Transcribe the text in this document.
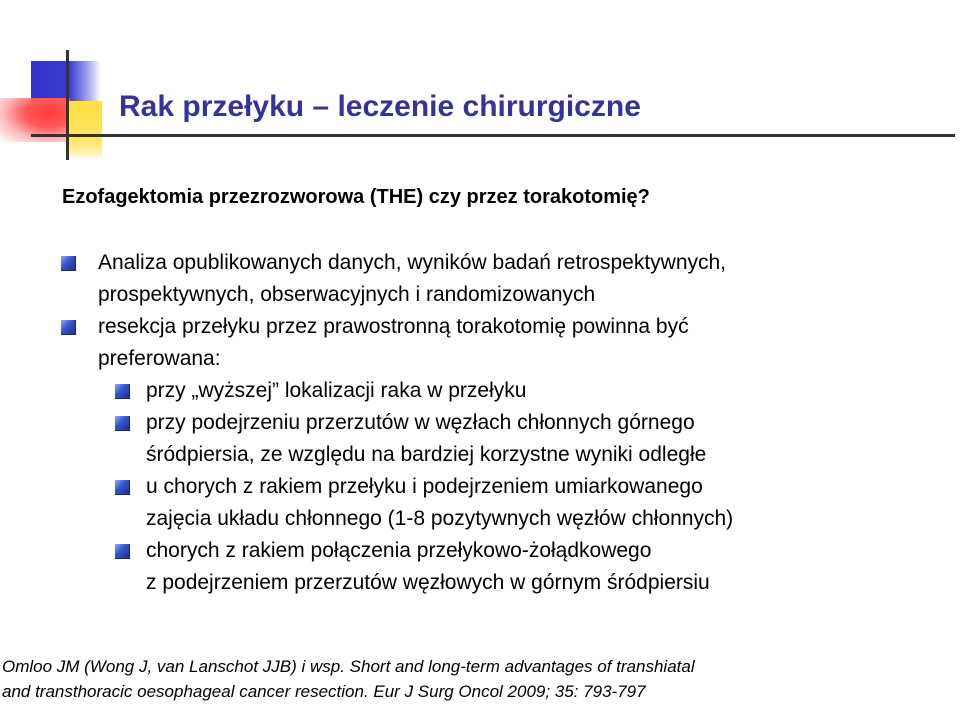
Rak przełyku – leczenie chirurgiczne

Ezofagektomia przezrozworowa (THE) czy przez torakotomię?

Analiza opublikowanych danych, wyników badań retrospektywnych,
prospektywnych, obserwacyjnych i randomizowanych
resekcja przełyku przez prawostronną torakotomię powinna być
preferowana:
przy „wyższej” lokalizacji raka w przełyku
przy podejrzeniu przerzutów w węzłach chłonnych górnego
śródpiersia, ze względu na bardziej korzystne wyniki odległe
u chorych z rakiem przełyku i podejrzeniem umiarkowanego
zajęcia układu chłonnego (1-8 pozytywnych węzłów chłonnych)
chorych z rakiem połączenia przełykowo-żołądkowego
z podejrzeniem przerzutów węzłowych w górnym śródpiersiu
Omloo JM (Wong J, van Lanschot JJB) i wsp. Short and long-term advantages of transhiatal
and transthoracic oesophageal cancer resection. Eur J Surg Oncol 2009; 35: 793-797
